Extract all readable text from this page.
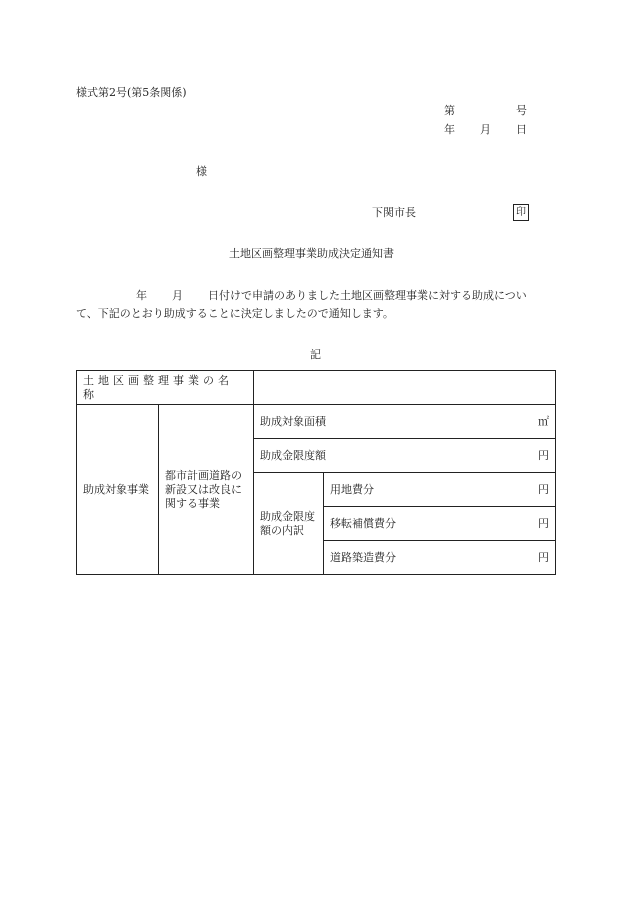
様式第2号(第5条関係)
第	号
年 月 日
様
下関市長	印
土地区画整理事業助成決定通知書
年 月 日付けで申請のありました土地区画整理事業に対する助成につい
て、下記のとおり助成することに決定しましたので通知します。
記
土地区画整理事業の名称			
助成対象事業	都市計画道路の新設又は改良に関する事業	助成対象面積 ㎡	

		助成金限度額 円	

		助成金限度額の内訳	用地費分 円

			移転補償費分 円

			道路築造費分 円
